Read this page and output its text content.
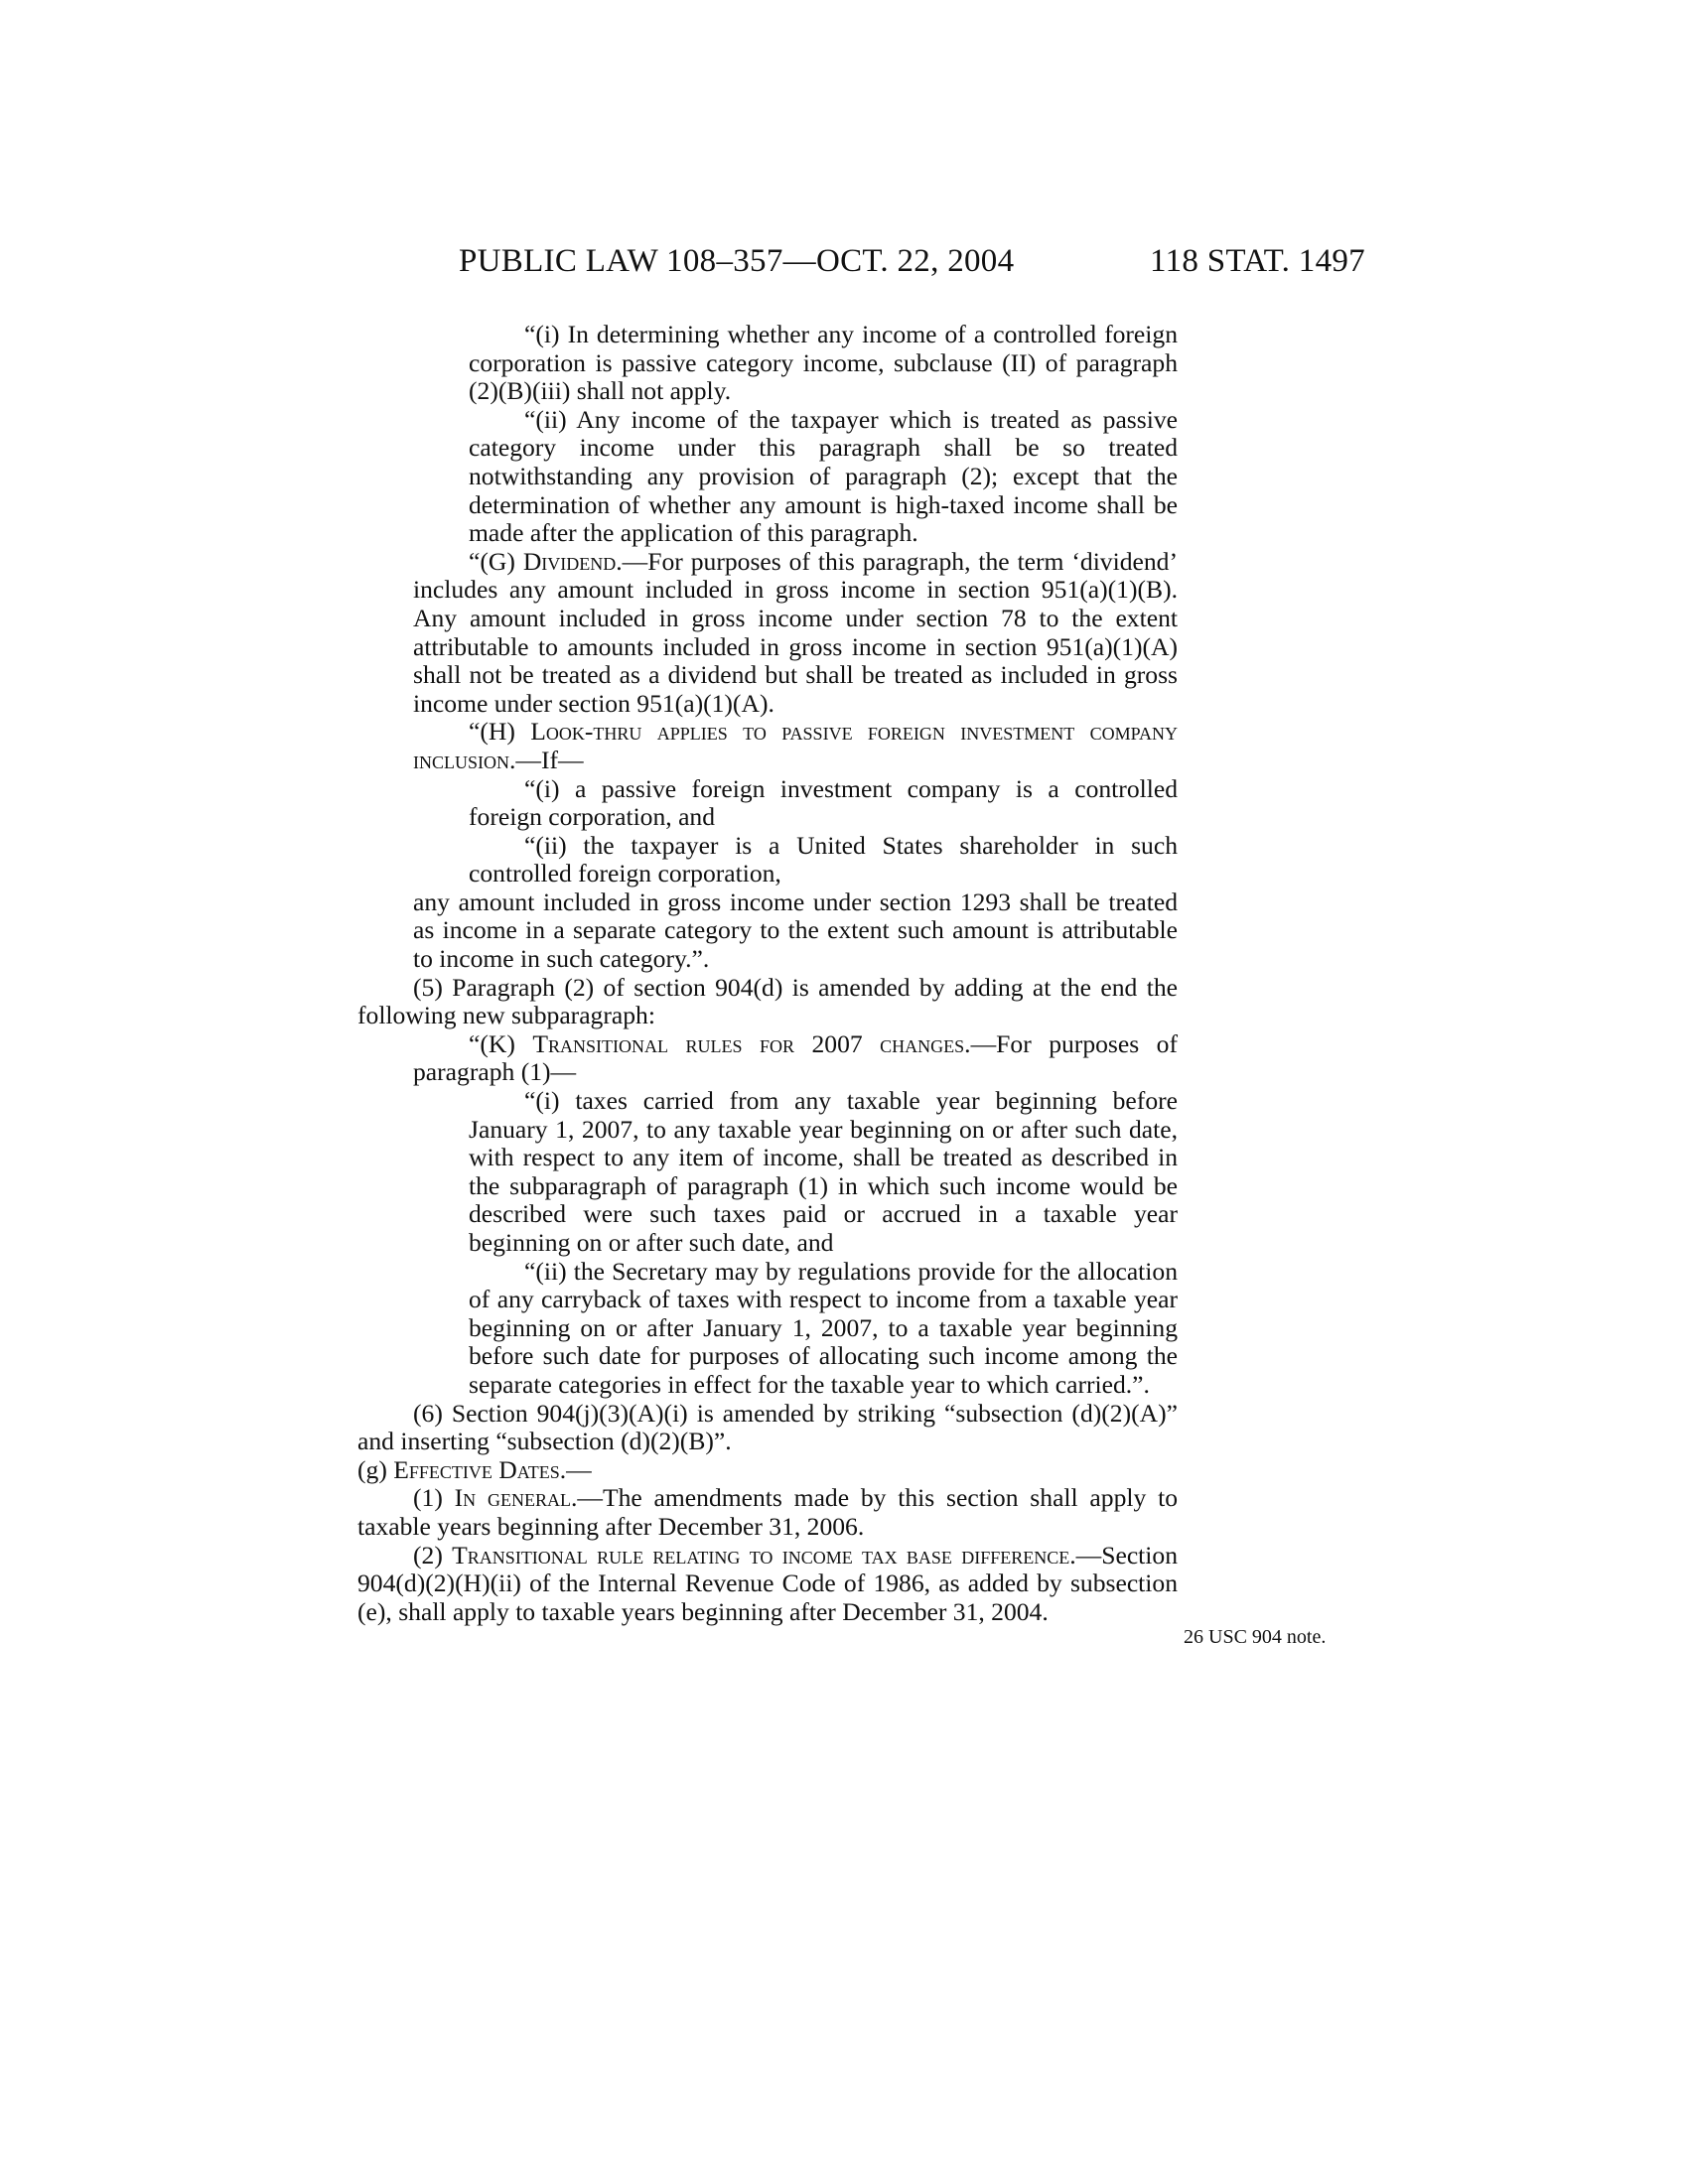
PUBLIC LAW 108–357—OCT. 22, 2004	118 STAT. 1497

“(i) In determining whether any income of a controlled foreign corporation is passive category income, subclause (II) of paragraph (2)(B)(iii) shall not apply.

“(ii) Any income of the taxpayer which is treated as passive category income under this paragraph shall be so treated notwithstanding any provision of paragraph (2); except that the determination of whether any amount is high-taxed income shall be made after the application of this paragraph.

“(G) Dividend.—For purposes of this paragraph, the term ‘dividend’ includes any amount included in gross income in section 951(a)(1)(B). Any amount included in gross income under section 78 to the extent attributable to amounts included in gross income in section 951(a)(1)(A) shall not be treated as a dividend but shall be treated as included in gross income under section 951(a)(1)(A).

“(H) Look-thru applies to passive foreign investment company inclusion.—If—

“(i) a passive foreign investment company is a controlled foreign corporation, and

“(ii) the taxpayer is a United States shareholder in such controlled foreign corporation,

any amount included in gross income under section 1293 shall be treated as income in a separate category to the extent such amount is attributable to income in such category.”.

(5) Paragraph (2) of section 904(d) is amended by adding at the end the following new subparagraph:

“(K) Transitional rules for 2007 changes.—For purposes of paragraph (1)—

“(i) taxes carried from any taxable year beginning before January 1, 2007, to any taxable year beginning on or after such date, with respect to any item of income, shall be treated as described in the subparagraph of paragraph (1) in which such income would be described were such taxes paid or accrued in a taxable year beginning on or after such date, and

“(ii) the Secretary may by regulations provide for the allocation of any carryback of taxes with respect to income from a taxable year beginning on or after January 1, 2007, to a taxable year beginning before such date for purposes of allocating such income among the separate categories in effect for the taxable year to which carried.”.

(6) Section 904(j)(3)(A)(i) is amended by striking “subsection (d)(2)(A)” and inserting “subsection (d)(2)(B)”.

(g) Effective Dates.—

(1) In general.—The amendments made by this section shall apply to taxable years beginning after December 31, 2006.

(2) Transitional rule relating to income tax base difference.—Section 904(d)(2)(H)(ii) of the Internal Revenue Code of 1986, as added by subsection (e), shall apply to taxable years beginning after December 31, 2004.

26 USC 904 note.
